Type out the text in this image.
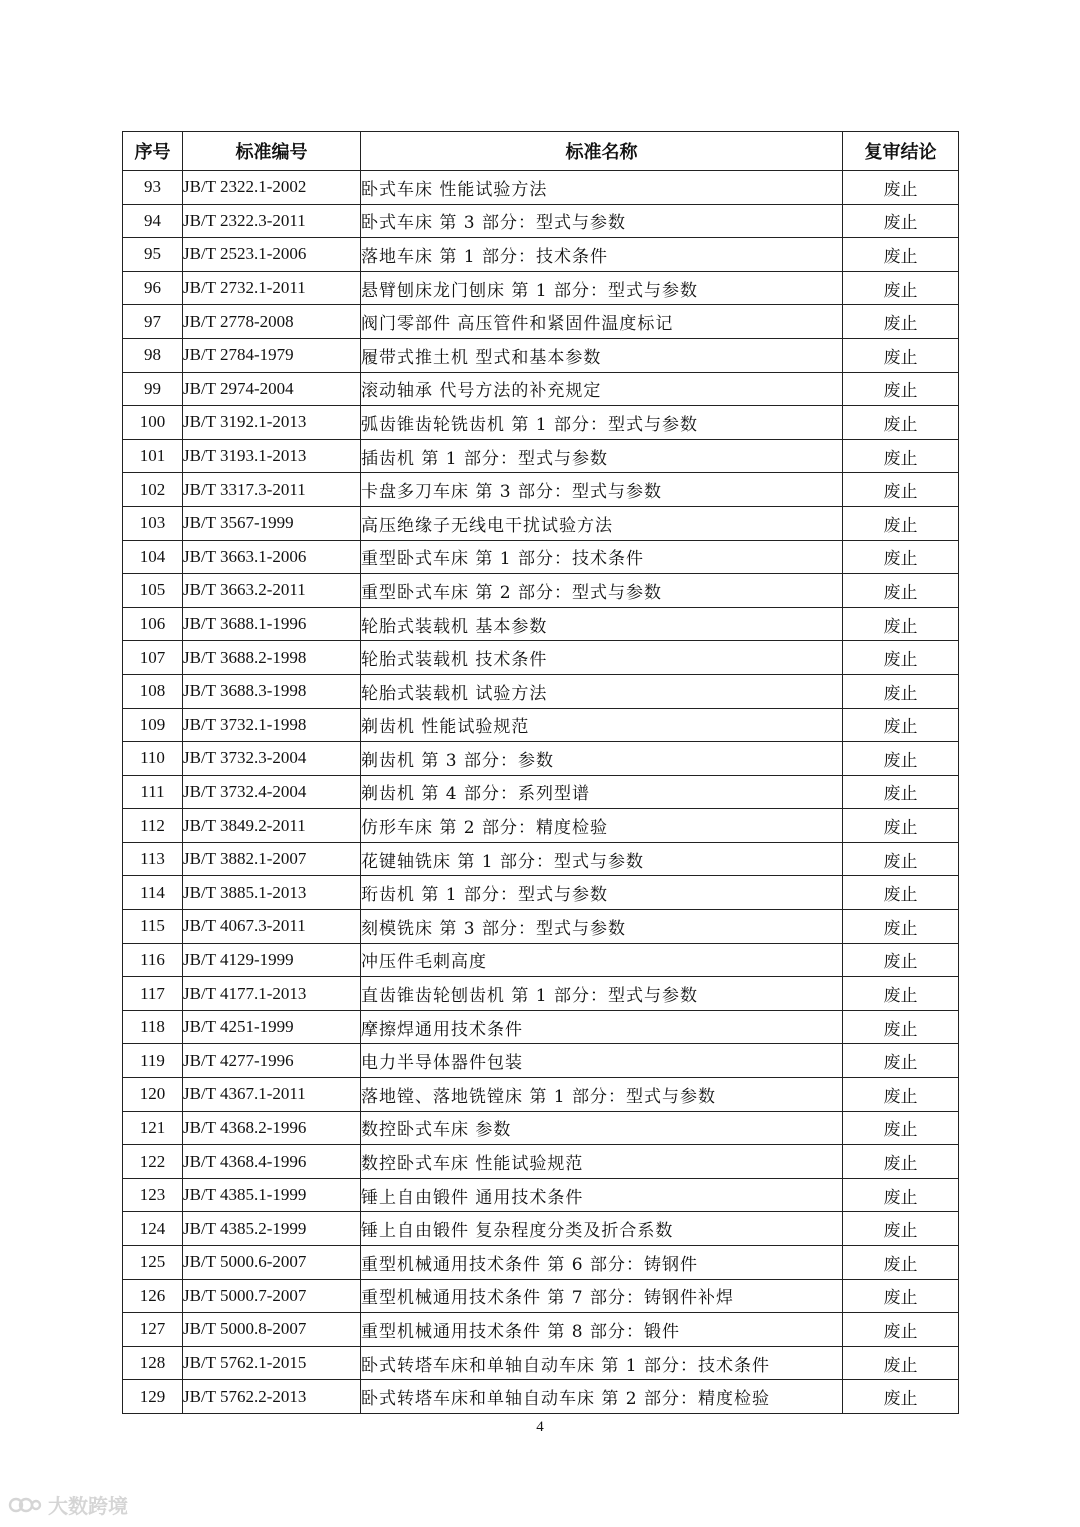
序号	标准编号	标准名称	复审结论
93	JB/T 2322.1-2002	卧式车床 性能试验方法	废止
94	JB/T 2322.3-2011	卧式车床 第 3 部分：型式与参数	废止
95	JB/T 2523.1-2006	落地车床 第 1 部分：技术条件	废止
96	JB/T 2732.1-2011	悬臂刨床龙门刨床 第 1 部分：型式与参数	废止
97	JB/T 2778-2008	阀门零部件 高压管件和紧固件温度标记	废止
98	JB/T 2784-1979	履带式推土机 型式和基本参数	废止
99	JB/T 2974-2004	滚动轴承 代号方法的补充规定	废止
100	JB/T 3192.1-2013	弧齿锥齿轮铣齿机 第 1 部分：型式与参数	废止
101	JB/T 3193.1-2013	插齿机 第 1 部分：型式与参数	废止
102	JB/T 3317.3-2011	卡盘多刀车床 第 3 部分：型式与参数	废止
103	JB/T 3567-1999	高压绝缘子无线电干扰试验方法	废止
104	JB/T 3663.1-2006	重型卧式车床 第 1 部分：技术条件	废止
105	JB/T 3663.2-2011	重型卧式车床 第 2 部分：型式与参数	废止
106	JB/T 3688.1-1996	轮胎式装载机 基本参数	废止
107	JB/T 3688.2-1998	轮胎式装载机 技术条件	废止
108	JB/T 3688.3-1998	轮胎式装载机 试验方法	废止
109	JB/T 3732.1-1998	剃齿机 性能试验规范	废止
110	JB/T 3732.3-2004	剃齿机 第 3 部分：参数	废止
111	JB/T 3732.4-2004	剃齿机 第 4 部分：系列型谱	废止
112	JB/T 3849.2-2011	仿形车床 第 2 部分：精度检验	废止
113	JB/T 3882.1-2007	花键轴铣床 第 1 部分：型式与参数	废止
114	JB/T 3885.1-2013	珩齿机 第 1 部分：型式与参数	废止
115	JB/T 4067.3-2011	刻模铣床 第 3 部分：型式与参数	废止
116	JB/T 4129-1999	冲压件毛刺高度	废止
117	JB/T 4177.1-2013	直齿锥齿轮刨齿机 第 1 部分：型式与参数	废止
118	JB/T 4251-1999	摩擦焊通用技术条件	废止
119	JB/T 4277-1996	电力半导体器件包装	废止
120	JB/T 4367.1-2011	落地镗、落地铣镗床 第 1 部分：型式与参数	废止
121	JB/T 4368.2-1996	数控卧式车床 参数	废止
122	JB/T 4368.4-1996	数控卧式车床 性能试验规范	废止
123	JB/T 4385.1-1999	锤上自由锻件 通用技术条件	废止
124	JB/T 4385.2-1999	锤上自由锻件 复杂程度分类及折合系数	废止
125	JB/T 5000.6-2007	重型机械通用技术条件 第 6 部分：铸钢件	废止
126	JB/T 5000.7-2007	重型机械通用技术条件 第 7 部分：铸钢件补焊	废止
127	JB/T 5000.8-2007	重型机械通用技术条件 第 8 部分：锻件	废止
128	JB/T 5762.1-2015	卧式转塔车床和单轴自动车床 第 1 部分：技术条件	废止
129	JB/T 5762.2-2013	卧式转塔车床和单轴自动车床 第 2 部分：精度检验	废止
4
大数跨境
